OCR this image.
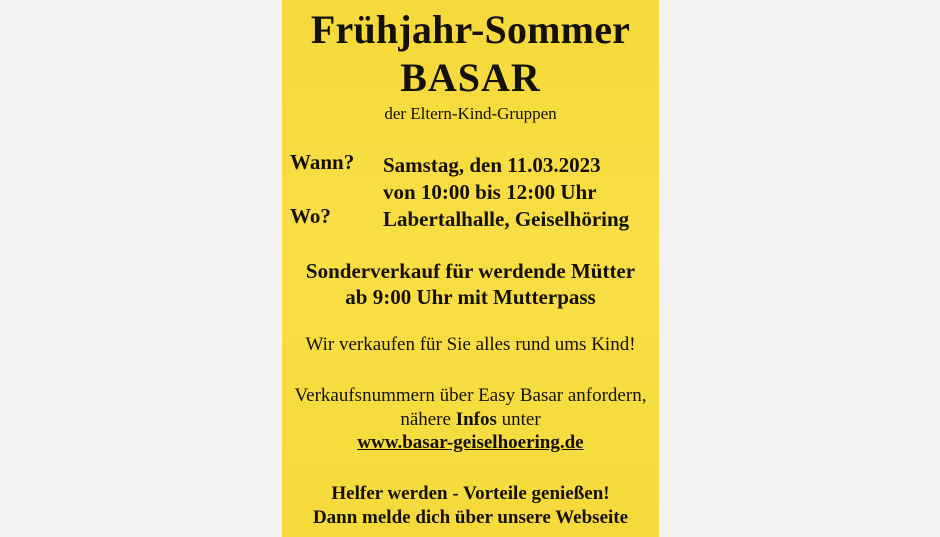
Frühjahr-Sommer
BASAR
der Eltern-Kind-Gruppen
Wann? Samstag, den 11.03.2023
von 10:00 bis 12:00 Uhr
Wo? Labertalhalle, Geiselhöring
Sonderverkauf für werdende Mütter
ab 9:00 Uhr mit Mutterpass
Wir verkaufen für Sie alles rund ums Kind!
Verkaufsnummern über Easy Basar anfordern,
nähere Infos unter
www.basar-geiselhoering.de
Helfer werden - Vorteile genießen!
Dann melde dich über unsere Webseite
